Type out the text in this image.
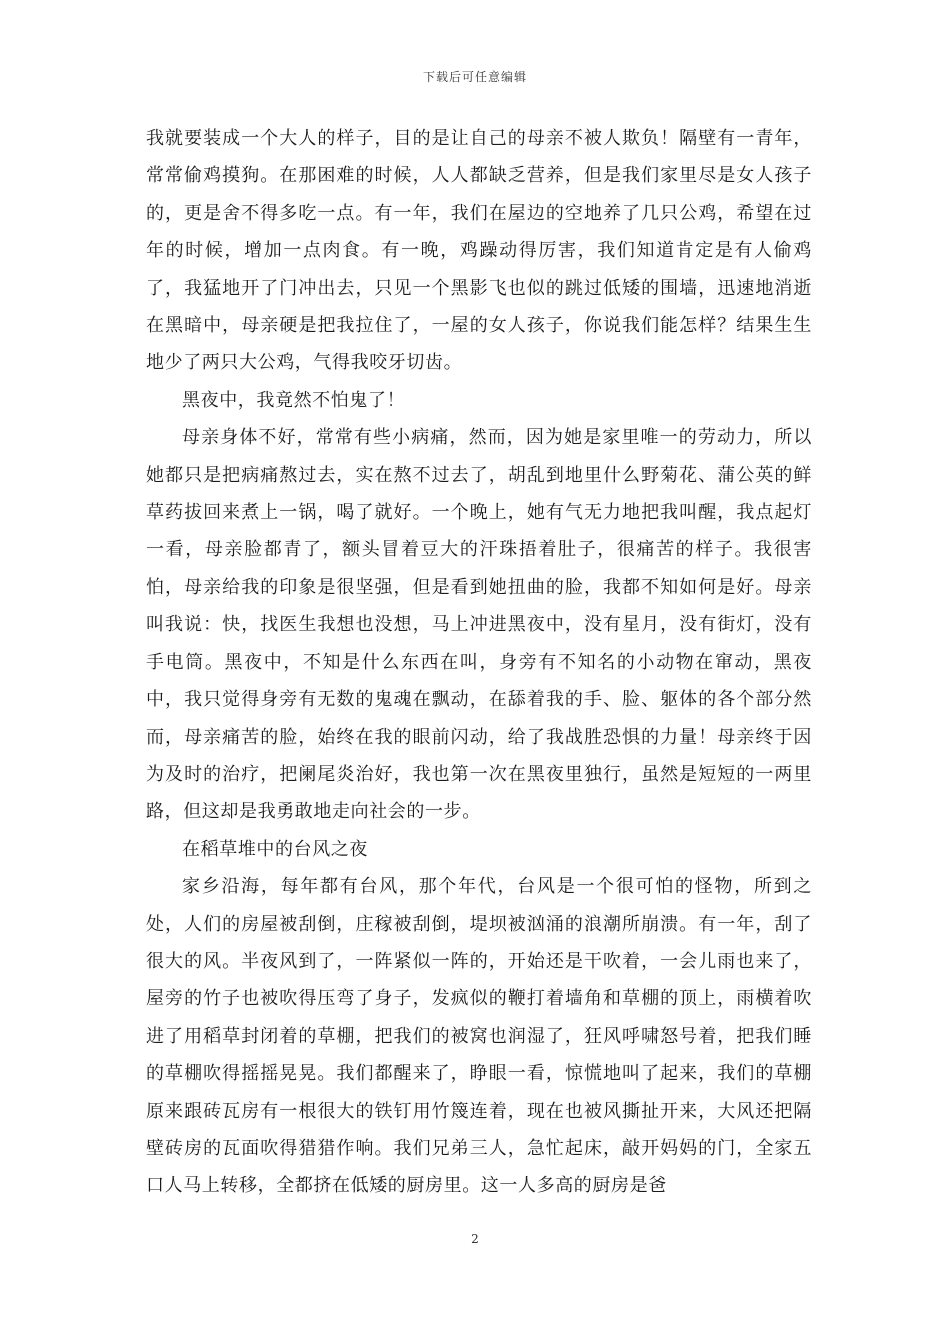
下载后可任意编辑

我就要装成一个大人的样子，目的是让自己的母亲不被人欺负！隔壁有一青年，常常偷鸡摸狗。在那困难的时候，人人都缺乏营养，但是我们家里尽是女人孩子的，更是舍不得多吃一点。有一年，我们在屋边的空地养了几只公鸡，希望在过年的时候，增加一点肉食。有一晚，鸡躁动得厉害，我们知道肯定是有人偷鸡了，我猛地开了门冲出去，只见一个黑影飞也似的跳过低矮的围墙，迅速地消逝在黑暗中，母亲硬是把我拉住了，一屋的女人孩子，你说我们能怎样？结果生生地少了两只大公鸡，气得我咬牙切齿。

黑夜中，我竟然不怕鬼了！

母亲身体不好，常常有些小病痛，然而，因为她是家里唯一的劳动力，所以她都只是把病痛熬过去，实在熬不过去了，胡乱到地里什么野菊花、蒲公英的鲜草药拔回来煮上一锅，喝了就好。一个晚上，她有气无力地把我叫醒，我点起灯一看，母亲脸都青了，额头冒着豆大的汗珠捂着肚子，很痛苦的样子。我很害怕，母亲给我的印象是很坚强，但是看到她扭曲的脸，我都不知如何是好。母亲叫我说：快，找医生我想也没想，马上冲进黑夜中，没有星月，没有街灯，没有手电筒。黑夜中，不知是什么东西在叫，身旁有不知名的小动物在窜动，黑夜中，我只觉得身旁有无数的鬼魂在飘动，在舔着我的手、脸、躯体的各个部分然而，母亲痛苦的脸，始终在我的眼前闪动，给了我战胜恐惧的力量！母亲终于因为及时的治疗，把阑尾炎治好，我也第一次在黑夜里独行，虽然是短短的一两里路，但这却是我勇敢地走向社会的一步。

在稻草堆中的台风之夜

家乡沿海，每年都有台风，那个年代，台风是一个很可怕的怪物，所到之处，人们的房屋被刮倒，庄稼被刮倒，堤坝被汹涌的浪潮所崩溃。有一年，刮了很大的风。半夜风到了，一阵紧似一阵的，开始还是干吹着，一会儿雨也来了，屋旁的竹子也被吹得压弯了身子，发疯似的鞭打着墙角和草棚的顶上，雨横着吹进了用稻草封闭着的草棚，把我们的被窝也润湿了，狂风呼啸怒号着，把我们睡的草棚吹得摇摇晃晃。我们都醒来了，睁眼一看，惊慌地叫了起来，我们的草棚原来跟砖瓦房有一根很大的铁钉用竹篾连着，现在也被风撕扯开来，大风还把隔壁砖房的瓦面吹得猎猎作响。我们兄弟三人，急忙起床，敲开妈妈的门，全家五口人马上转移，全都挤在低矮的厨房里。这一人多高的厨房是爸

2
